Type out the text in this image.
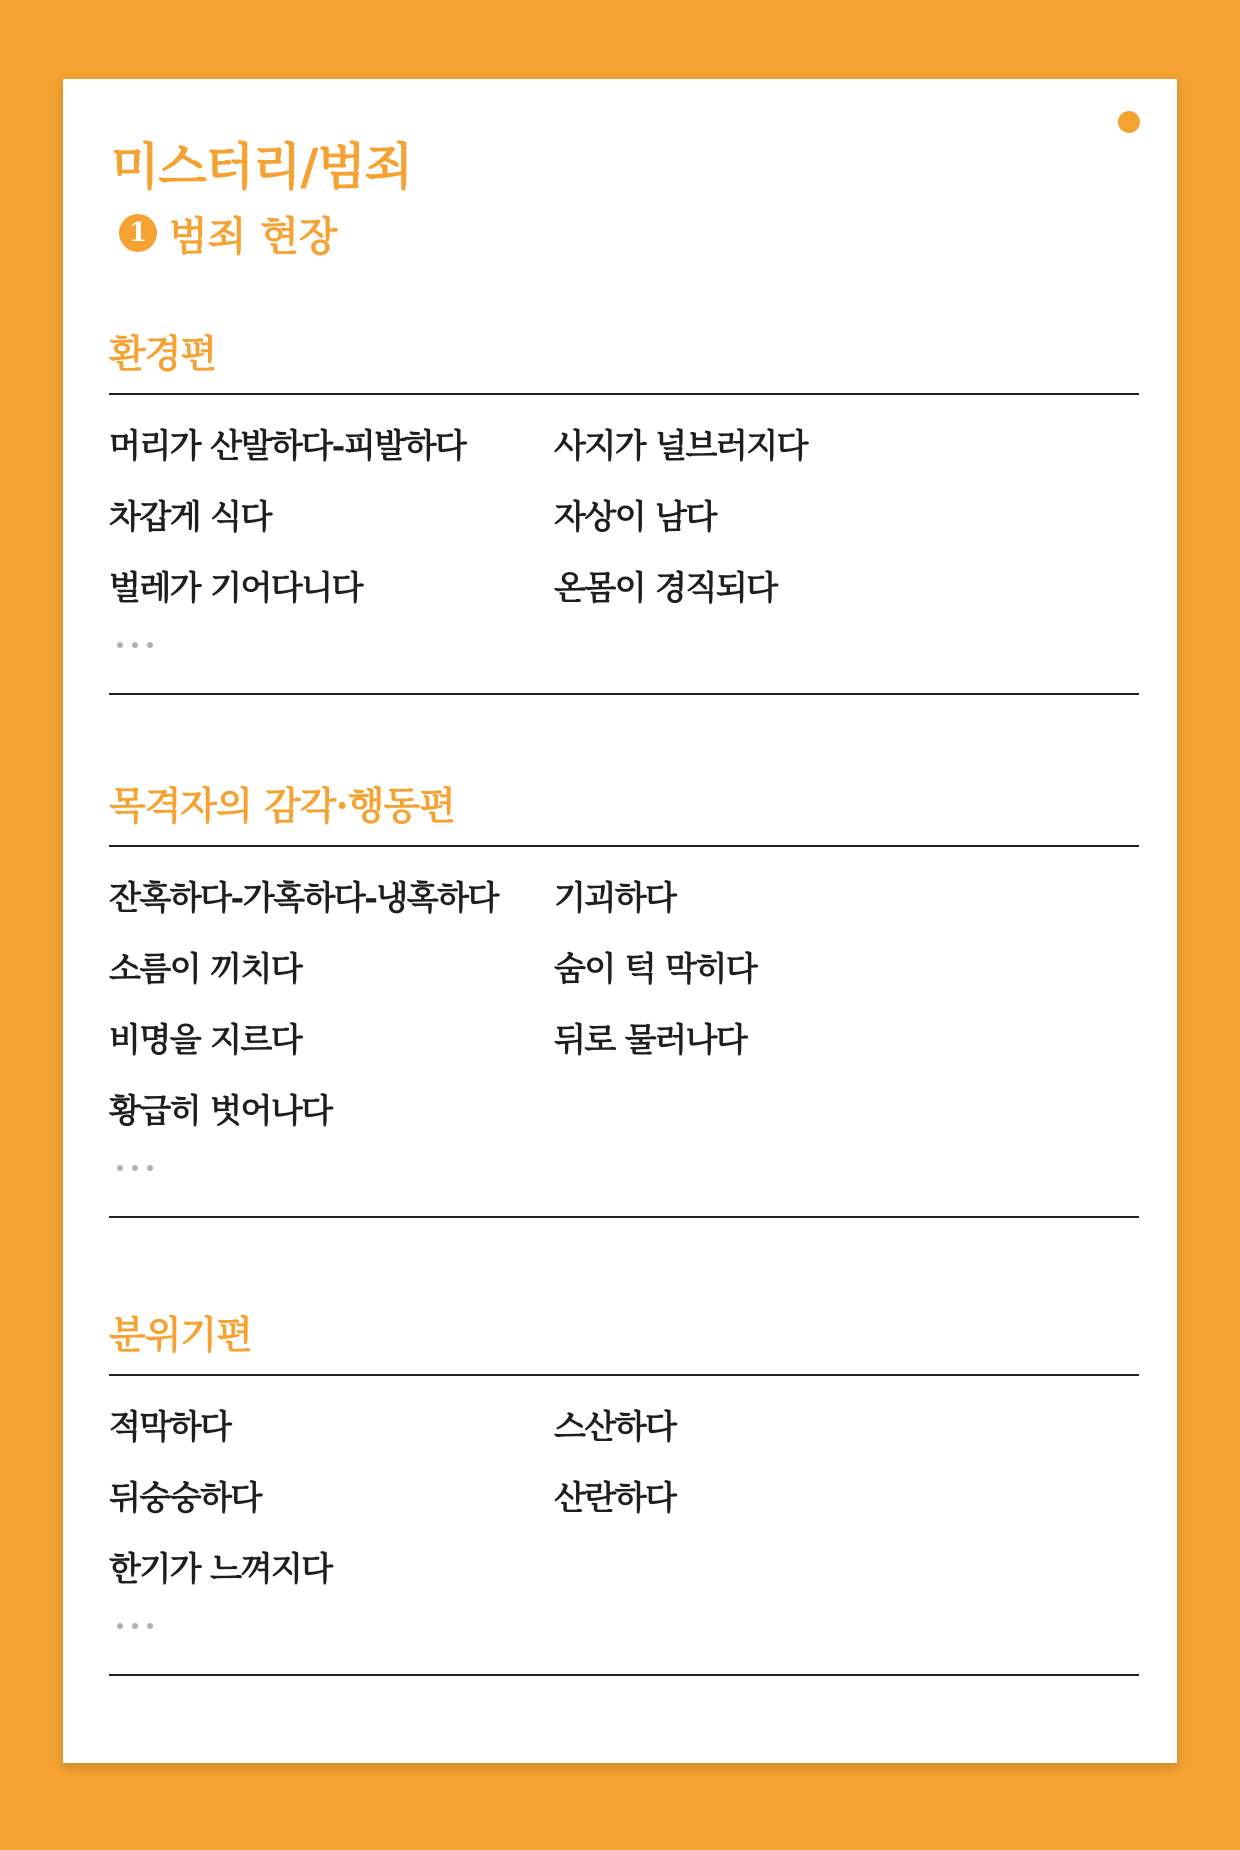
미스터리/범죄
1 범죄 현장
환경편
머리가 산발하다-피발하다	사지가 널브러지다
차갑게 식다	자상이 남다
벌레가 기어다니다	온몸이 경직되다
목격자의 감각·행동편
잔혹하다-가혹하다-냉혹하다	기괴하다
소름이 끼치다	숨이 턱 막히다
비명을 지르다	뒤로 물러나다
황급히 벗어나다
분위기편
적막하다	스산하다
뒤숭숭하다	산란하다
한기가 느껴지다
